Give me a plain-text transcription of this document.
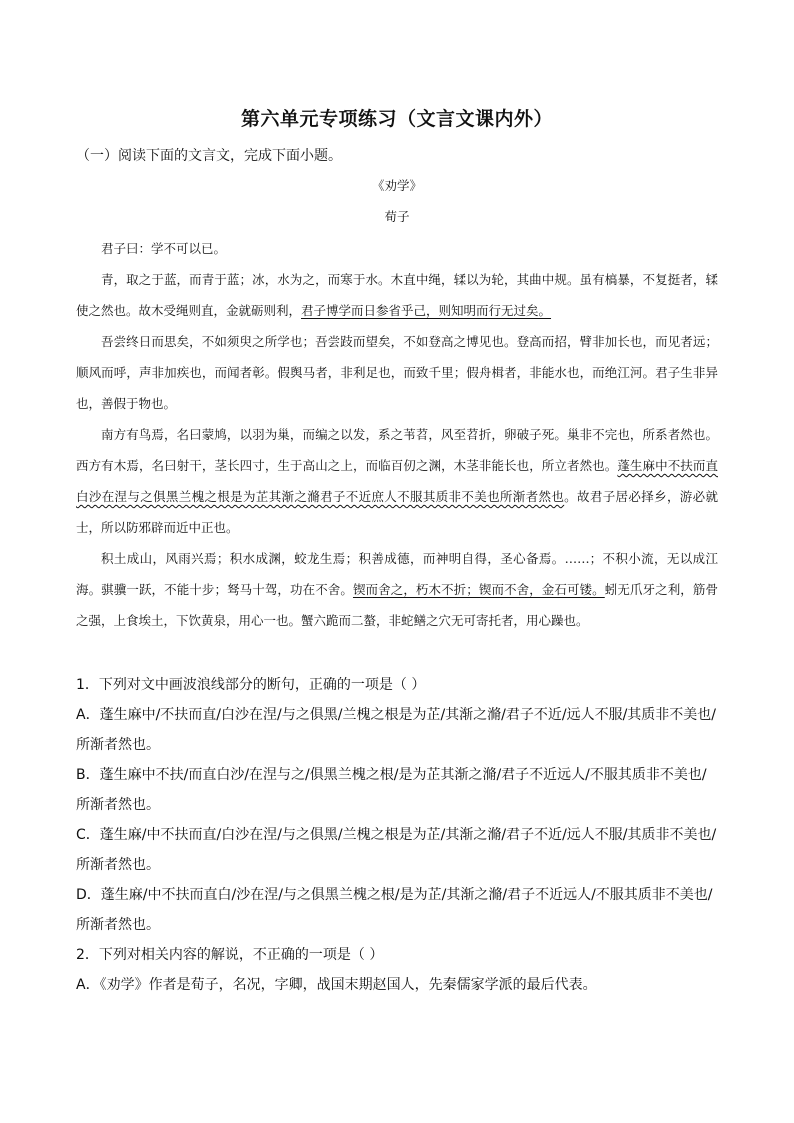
第六单元专项练习（文言文课内外）
（一）阅读下面的文言文，完成下面小题。
《劝学》
荀子

君子曰：学不可以已。

青，取之于蓝，而青于蓝；冰，水为之，而寒于水。木直中绳，𫐓以为轮，其曲中规。虽有槁暴，不复挺者，𫐓使之然也。故木受绳则直，金就砺则利，君子博学而日参省乎己，则知明而行无过矣。

吾尝终日而思矣，不如须臾之所学也；吾尝跂而望矣，不如登高之博见也。登高而招，臂非加长也，而见者远；顺风而呼，声非加疾也，而闻者彰。假舆马者，非利足也，而致千里；假舟楫者，非能水也，而绝江河。君子生非异也，善假于物也。

南方有鸟焉，名曰蒙鸠，以羽为巢，而编之以发，系之苇苕，风至苕折，卵破子死。巢非不完也，所系者然也。西方有木焉，名曰射干，茎长四寸，生于高山之上，而临百仞之渊，木茎非能长也，所立者然也。蓬生麻中不扶而直白沙在涅与之俱黑兰槐之根是为芷其渐之滫君子不近庶人不服其质非不美也所渐者然也。故君子居必择乡，游必就士，所以防邪辟而近中正也。

积土成山，风雨兴焉；积水成渊，蛟龙生焉；积善成德，而神明自得，圣心备焉。……；不积小流，无以成江海。骐骥一跃，不能十步；驽马十驾，功在不舍。锲而舍之，朽木不折；锲而不舍，金石可镂。蚓无爪牙之利，筋骨之强，上食埃土，下饮黄泉，用心一也。蟹六跪而二螯，非蛇鳝之穴无可寄托者，用心躁也。

1．下列对文中画波浪线部分的断句，正确的一项是（ ）
A．蓬生麻中/不扶而直/白沙在涅/与之俱黑/兰槐之根是为芷/其渐之滫/君子不近/远人不服/其质非不美也/所渐者然也。
B．蓬生麻中不扶/而直白沙/在涅与之/俱黑兰槐之根/是为芷其渐之滫/君子不近远人/不服其质非不美也/所渐者然也。
C．蓬生麻/中不扶而直/白沙在涅/与之俱黑/兰槐之根是为芷/其渐之滫/君子不近/远人不服/其质非不美也/所渐者然也。
D．蓬生麻/中不扶而直白/沙在涅/与之俱黑兰槐之根/是为芷/其渐之滫/君子不近远人/不服其质非不美也/所渐者然也。
2．下列对相关内容的解说，不正确的一项是（ ）
A．《劝学》作者是荀子，名况，字卿，战国末期赵国人，先秦儒家学派的最后代表。
